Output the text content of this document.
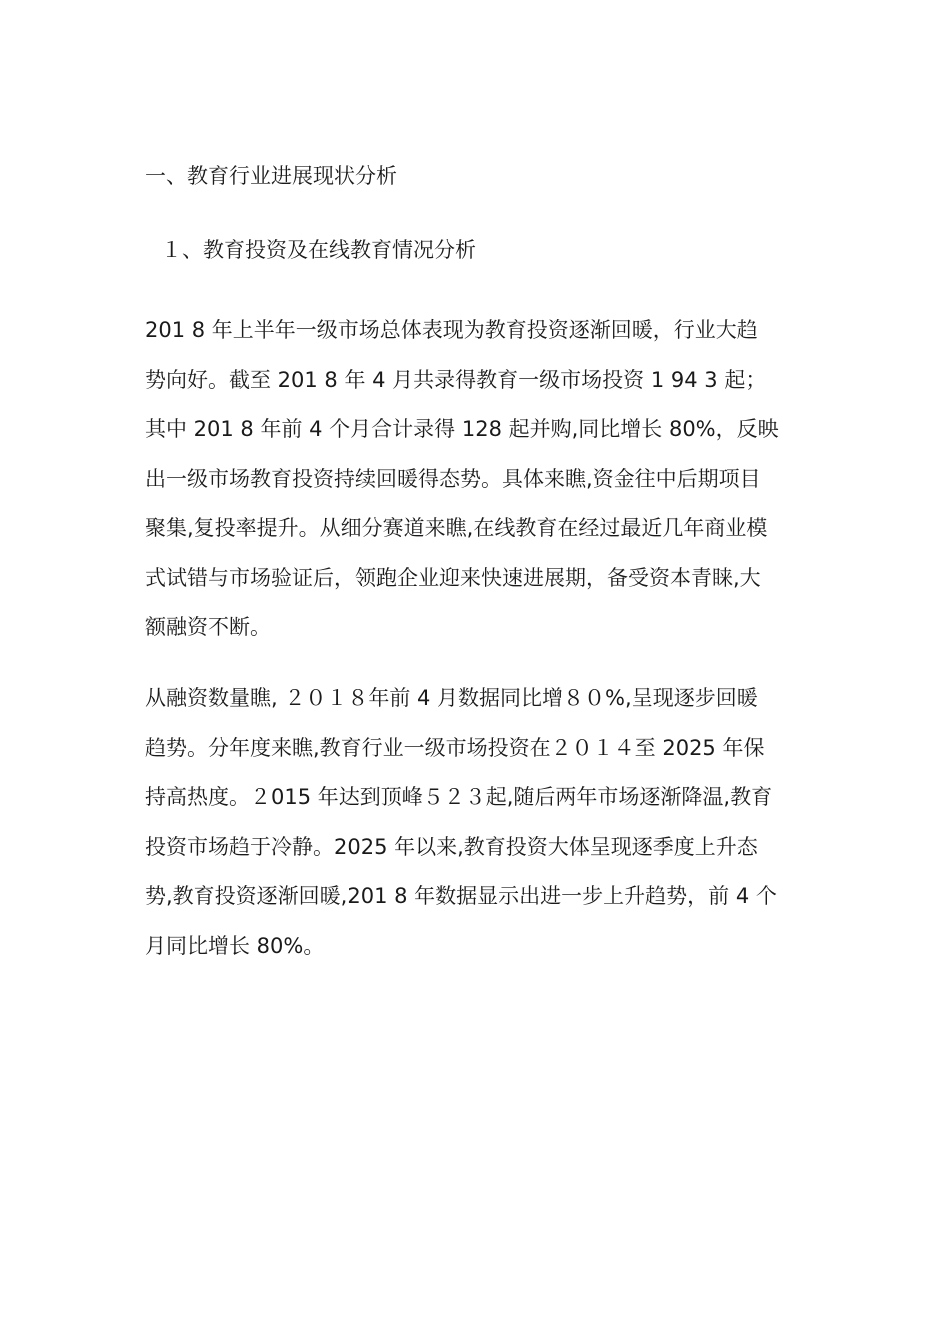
一、教育行业进展现状分析
１、教育投资及在线教育情况分析

201 8 年上半年一级市场总体表现为教育投资逐渐回暖，行业大趋
势向好。截至 201 8 年 4 月共录得教育一级市场投资 1 94 3 起；
其中 201 8 年前 4 个月合计录得 128 起并购,同比增长 80%，反映
出一级市场教育投资持续回暖得态势。具体来瞧,资金往中后期项目
聚集,复投率提升。从细分赛道来瞧,在线教育在经过最近几年商业模
式试错与市场验证后，领跑企业迎来快速进展期，备受资本青睐,大
额融资不断。

从融资数量瞧, ２０１８年前 4 月数据同比增８０%,呈现逐步回暖
趋势。分年度来瞧,教育行业一级市场投资在２０１４至 2025 年保
持高热度。２015 年达到顶峰５２３起,随后两年市场逐渐降温,教育
投资市场趋于冷静。2025 年以来,教育投资大体呈现逐季度上升态
势,教育投资逐渐回暖,201 8 年数据显示出进一步上升趋势，前 4 个
月同比增长 80%。
